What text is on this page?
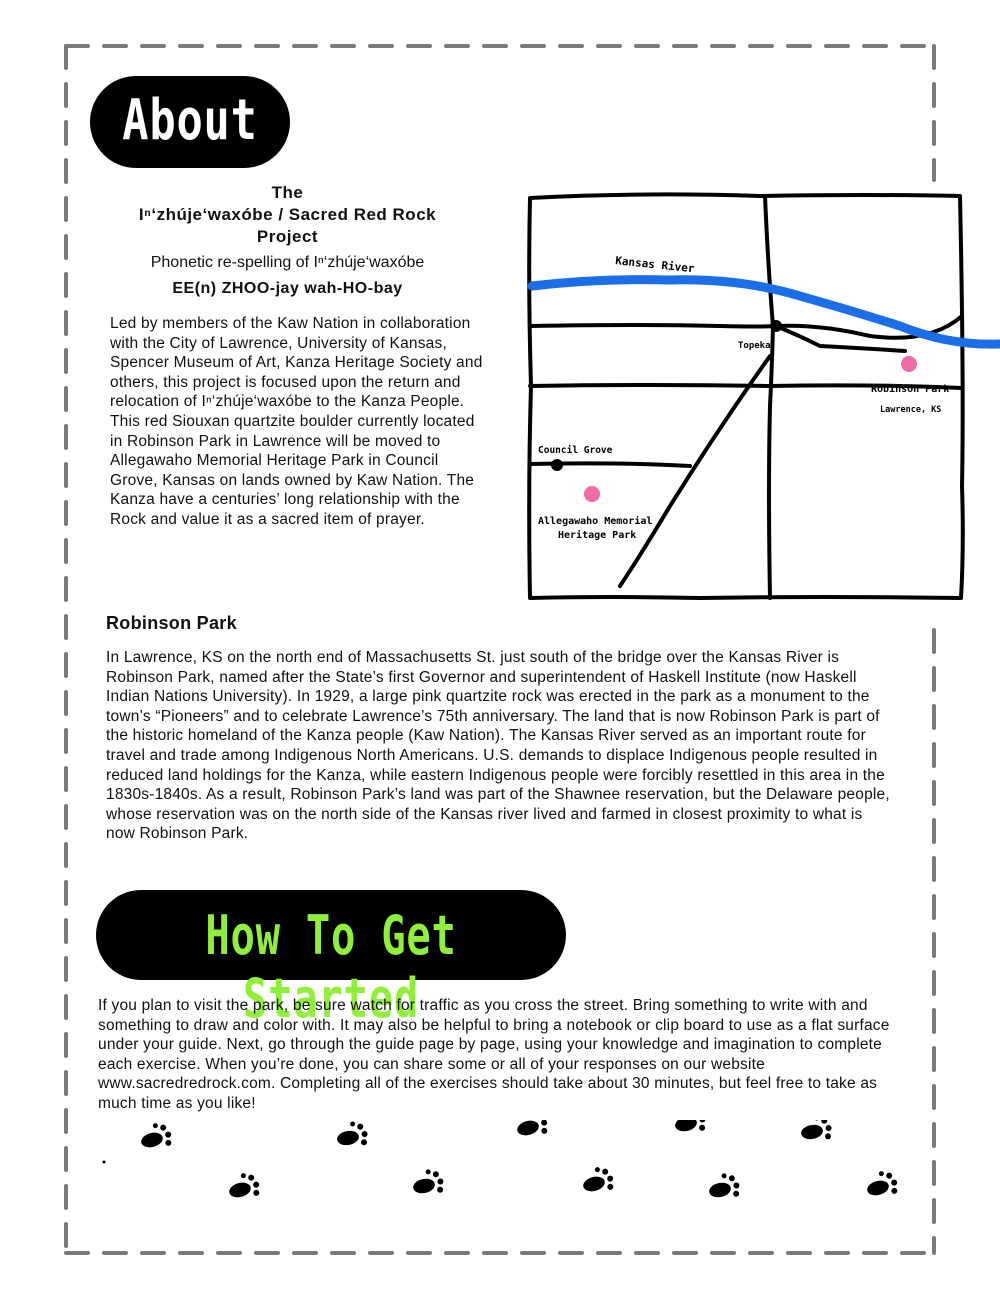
About
The
Iⁿ‘zhúje‘waxóbe / Sacred Red Rock
Project
Phonetic re-spelling of Iⁿ‘zhúje‘waxóbe
EE(n) ZHOO-jay wah-HO-bay
Led by members of the Kaw Nation in collaboration with the City of Lawrence, University of Kansas, Spencer Museum of Art, Kanza Heritage Society and others, this project is focused upon the return and relocation of Iⁿ‘zhúje‘waxóbe to the Kanza People. This red Siouxan quartzite boulder currently located in Robinson Park in Lawrence will be moved to Allegawaho Memorial Heritage Park in Council Grove, Kansas on lands owned by Kaw Nation. The Kanza have a centuries’ long relationship with the Rock and value it as a sacred item of prayer.
Kansas River
Topeka
Robinson Park
Lawrence, KS
Council Grove
Allegawaho Memorial
Heritage Park
Robinson Park
In Lawrence, KS on the north end of Massachusetts St. just south of the bridge over the Kansas River is Robinson Park, named after the State’s first Governor and superintendent of Haskell Institute (now Haskell Indian Nations University). In 1929, a large pink quartzite rock was erected in the park as a monument to the town’s “Pioneers” and to celebrate Lawrence’s 75th anniversary. The land that is now Robinson Park is part of the historic homeland of the Kanza people (Kaw Nation). The Kansas River served as an important route for travel and trade among Indigenous North Americans. U.S. demands to displace Indigenous people resulted in reduced land holdings for the Kanza, while eastern Indigenous people were forcibly resettled in this area in the 1830s-1840s. As a result, Robinson Park’s land was part of the Shawnee reservation, but the Delaware people, whose reservation was on the north side of the Kansas river lived and farmed in closest proximity to what is now Robinson Park.
How To Get Started
If you plan to visit the park, be sure watch for traffic as you cross the street. Bring something to write with and something to draw and color with. It may also be helpful to bring a notebook or clip board to use as a flat surface under your guide. Next, go through the guide page by page, using your knowledge and imagination to complete each exercise. When you’re done, you can share some or all of your responses on our website www.sacredredrock.com. Completing all of the exercises should take about 30 minutes, but feel free to take as much time as you like!
